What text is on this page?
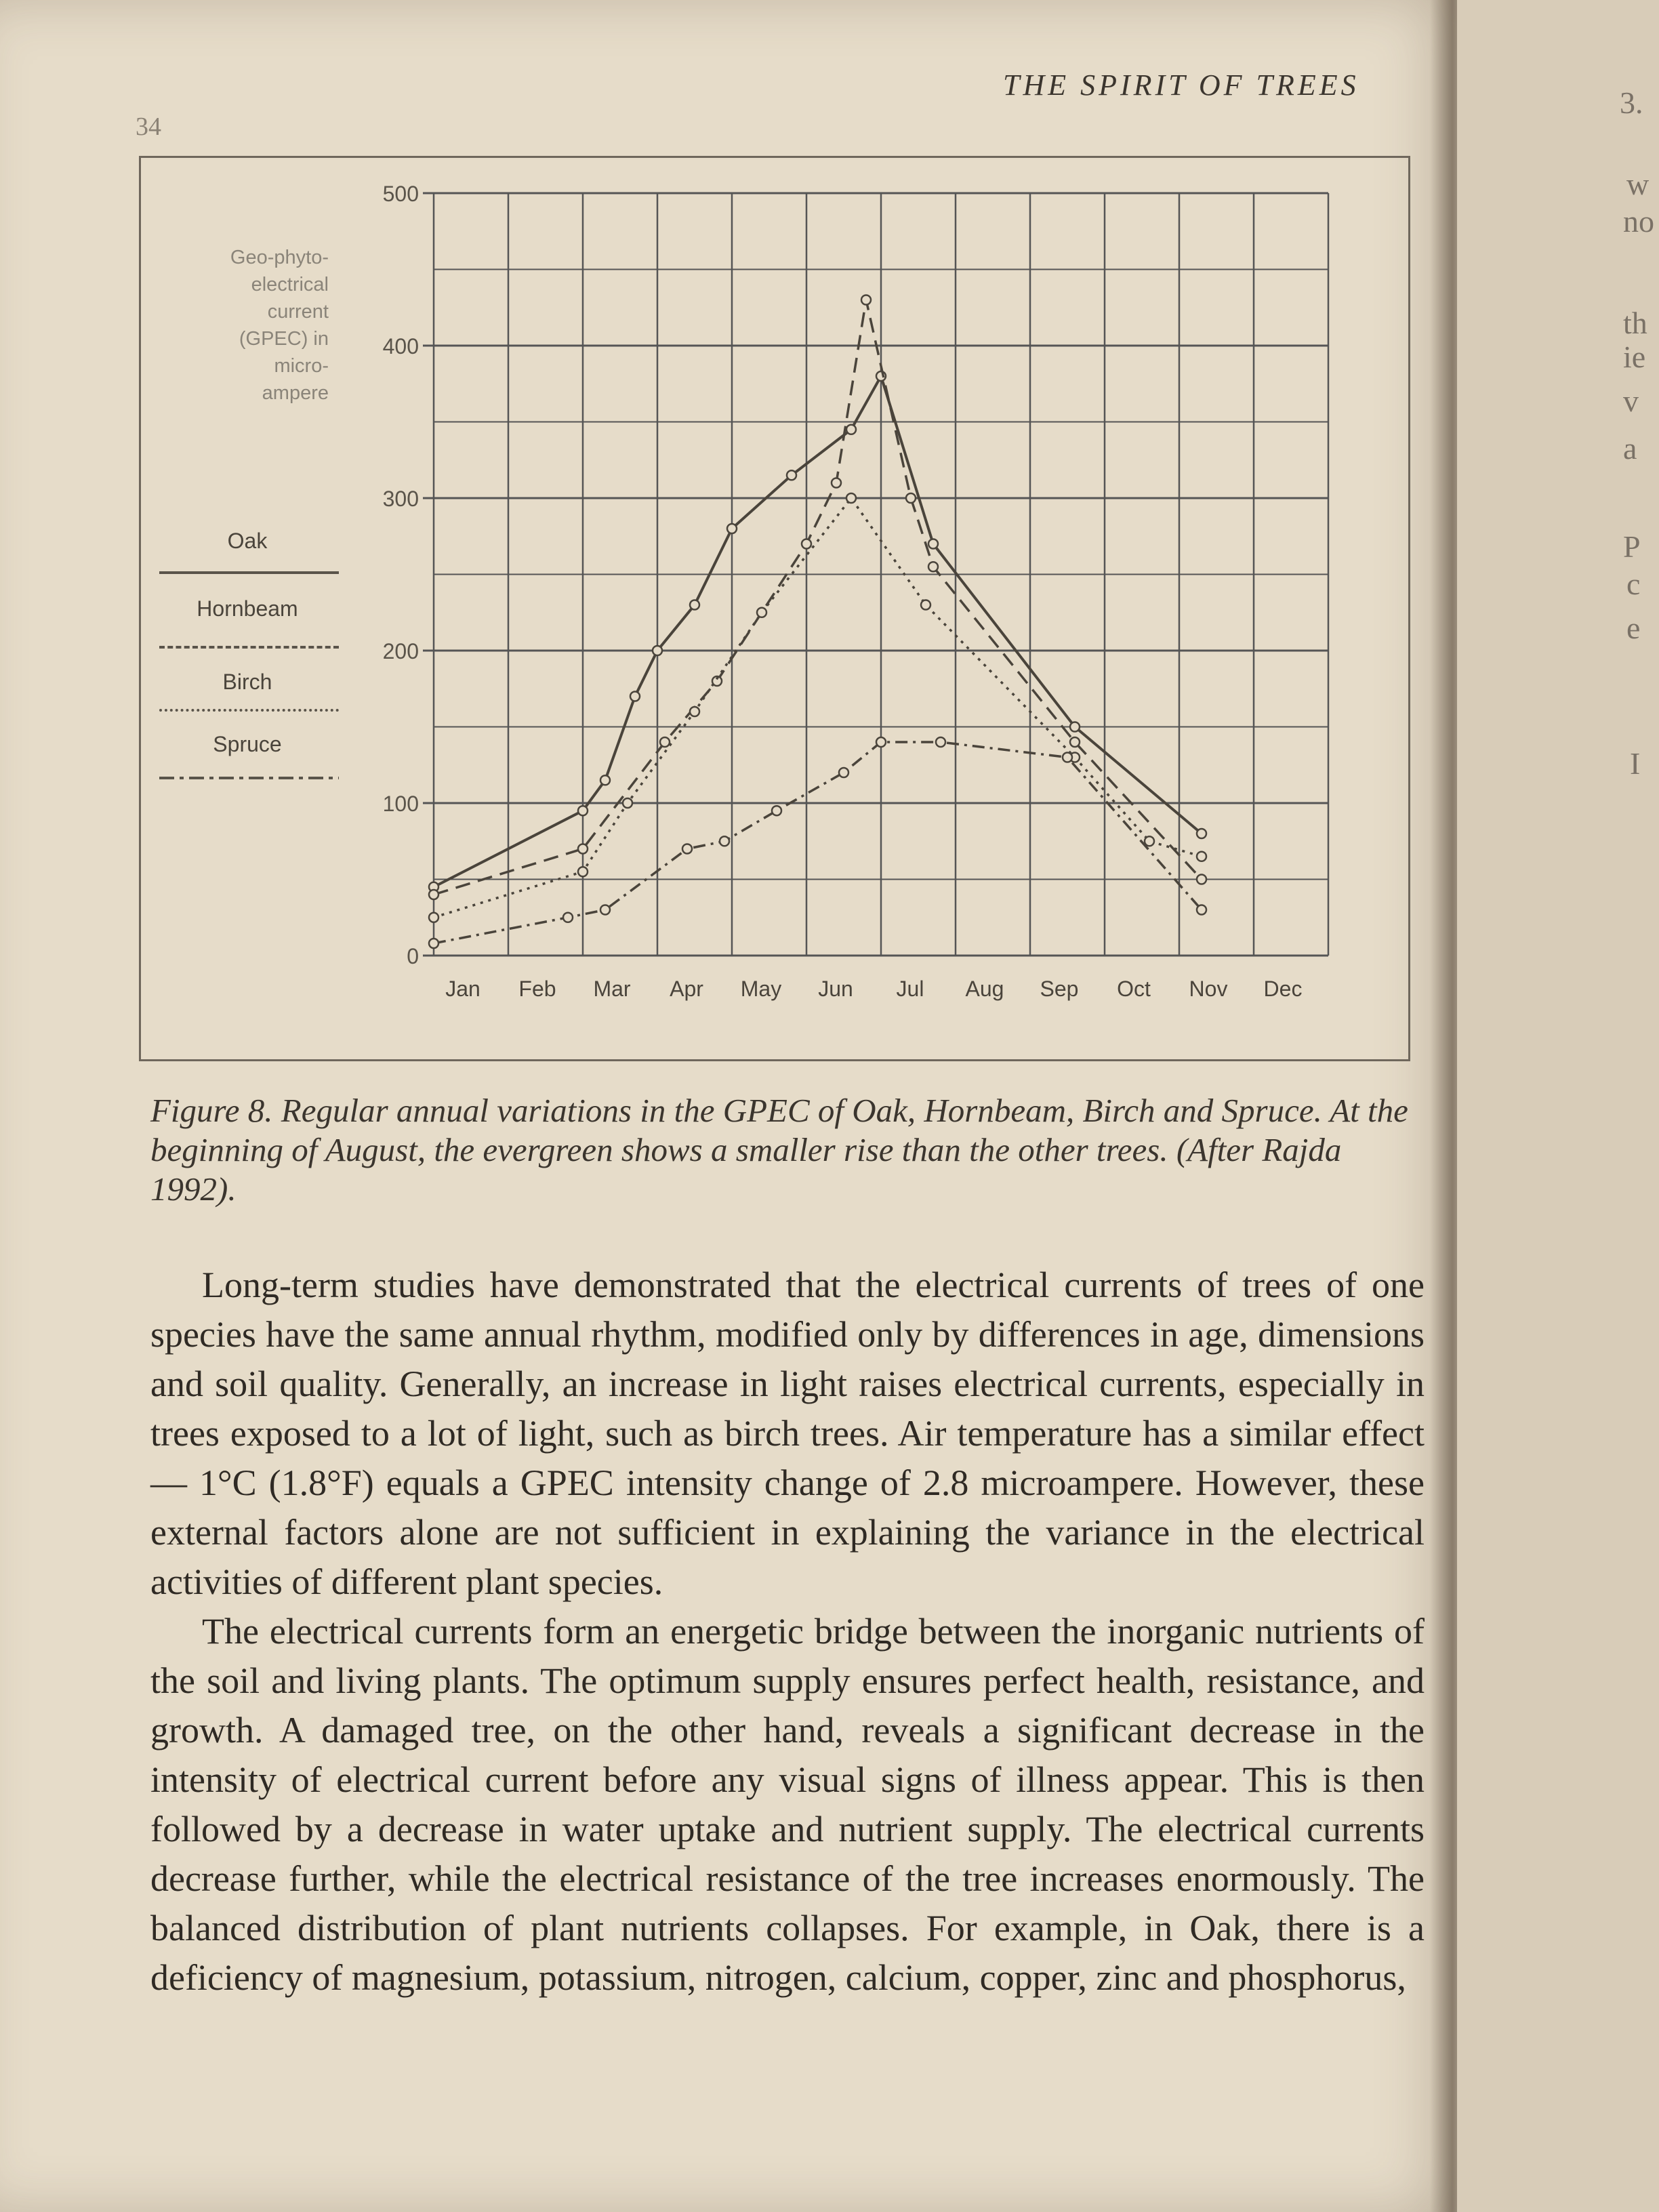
THE SPIRIT OF TREES
34
Geo-phyto-
electrical
current
(GPEC) in
micro-
ampere
Oak
Hornbeam
Birch
Spruce
0
100
200
300
400
500
Jan Feb Mar Apr May Jun Jul Aug Sep Oct Nov Dec
Figure 8. Regular annual variations in the GPEC of Oak, Hornbeam, Birch and Spruce. At the beginning of August, the evergreen shows a smaller rise than the other trees. (After Rajda 1992).

Long-term studies have demonstrated that the electrical currents of trees of one species have the same annual rhythm, modified only by differences in age, dimensions and soil quality. Generally, an increase in light raises electrical currents, especially in trees exposed to a lot of light, such as birch trees. Air temperature has a similar effect — 1°C (1.8°F) equals a GPEC intensity change of 2.8 microampere. However, these external factors alone are not sufficient in explaining the variance in the electrical activities of different plant species.

The electrical currents form an energetic bridge between the inorganic nutrients of the soil and living plants. The optimum supply ensures perfect health, resistance, and growth. A damaged tree, on the other hand, reveals a significant decrease in the intensity of electrical current before any visual signs of illness appear. This is then followed by a decrease in water uptake and nutrient supply. The electrical currents decrease further, while the electrical resistance of the tree increases enormously. The balanced distribution of plant nutrients collapses. For example, in Oak, there is a deficiency of magnesium, potassium, nitrogen, calcium, copper, zinc and phosphorus,

3.
w
no
th
ie
v
a
P
c
e
I
